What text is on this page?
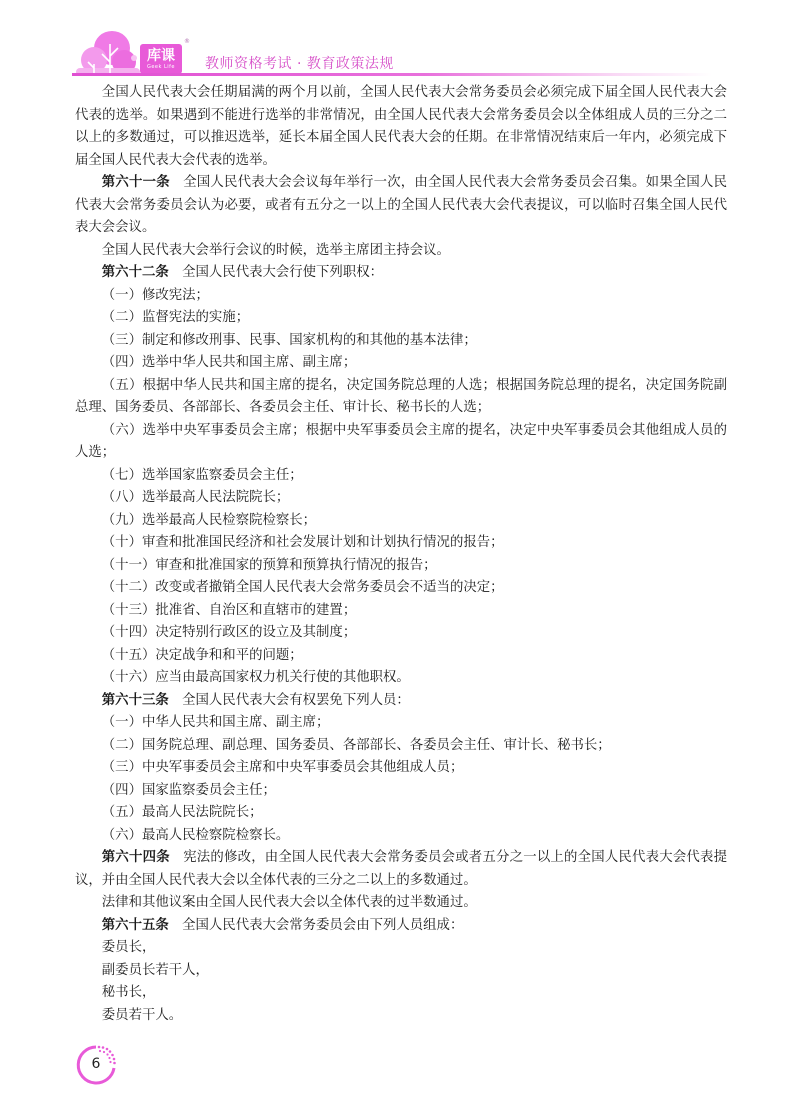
库课
Geek Life
®
教师资格考试 · 教育政策法规

全国人民代表大会任期届满的两个月以前，全国人民代表大会常务委员会必须完成下届全国人民代表大会代表的选举。如果遇到不能进行选举的非常情况，由全国人民代表大会常务委员会以全体组成人员的三分之二以上的多数通过，可以推迟选举，延长本届全国人民代表大会的任期。在非常情况结束后一年内，必须完成下届全国人民代表大会代表的选举。

第六十一条 全国人民代表大会会议每年举行一次，由全国人民代表大会常务委员会召集。如果全国人民代表大会常务委员会认为必要，或者有五分之一以上的全国人民代表大会代表提议，可以临时召集全国人民代表大会会议。

全国人民代表大会举行会议的时候，选举主席团主持会议。

第六十二条 全国人民代表大会行使下列职权：

（一）修改宪法；

（二）监督宪法的实施；

（三）制定和修改刑事、民事、国家机构的和其他的基本法律；

（四）选举中华人民共和国主席、副主席；

（五）根据中华人民共和国主席的提名，决定国务院总理的人选；根据国务院总理的提名，决定国务院副总理、国务委员、各部部长、各委员会主任、审计长、秘书长的人选；

（六）选举中央军事委员会主席；根据中央军事委员会主席的提名，决定中央军事委员会其他组成人员的人选；

（七）选举国家监察委员会主任；

（八）选举最高人民法院院长；

（九）选举最高人民检察院检察长；

（十）审查和批准国民经济和社会发展计划和计划执行情况的报告；

（十一）审查和批准国家的预算和预算执行情况的报告；

（十二）改变或者撤销全国人民代表大会常务委员会不适当的决定；

（十三）批准省、自治区和直辖市的建置；

（十四）决定特别行政区的设立及其制度；

（十五）决定战争和和平的问题；

（十六）应当由最高国家权力机关行使的其他职权。

第六十三条 全国人民代表大会有权罢免下列人员：

（一）中华人民共和国主席、副主席；

（二）国务院总理、副总理、国务委员、各部部长、各委员会主任、审计长、秘书长；

（三）中央军事委员会主席和中央军事委员会其他组成人员；

（四）国家监察委员会主任；

（五）最高人民法院院长；

（六）最高人民检察院检察长。

第六十四条 宪法的修改，由全国人民代表大会常务委员会或者五分之一以上的全国人民代表大会代表提议，并由全国人民代表大会以全体代表的三分之二以上的多数通过。

法律和其他议案由全国人民代表大会以全体代表的过半数通过。

第六十五条 全国人民代表大会常务委员会由下列人员组成：

委员长，

副委员长若干人，

秘书长，

委员若干人。

6
